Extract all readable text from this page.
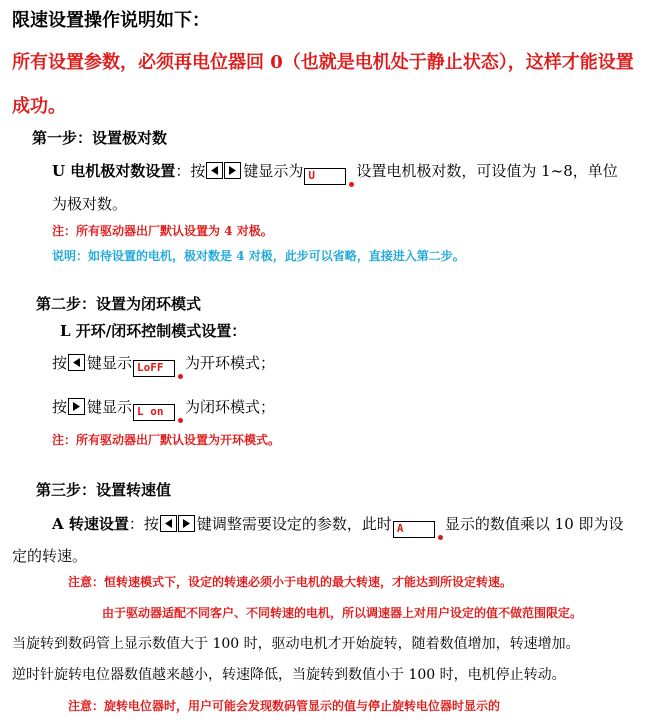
限速设置操作说明如下：
所有设置参数，必须再电位器回 0（也就是电机处于静止状态），这样才能设置
成功。
第一步：设置极对数
U 电机极对数设置：按	键显示为 U	设置电机极对数，可设值为 1~8，单位
为极对数。
注：所有驱动器出厂默认设置为 4 对极。
说明：如待设置的电机，极对数是 4 对极，此步可以省略，直接进入第二步。
第二步：设置为闭环模式
L 开环/闭环控制模式设置：
按 键显示 LoFF 为开环模式；
按 键显示 L on 为闭环模式；
注：所有驱动器出厂默认设置为开环模式。
第三步：设置转速值
A 转速设置：按	键调整需要设定的参数，此时 A	显示的数值乘以 10 即为设
定的转速。
注意：恒转速模式下，设定的转速必须小于电机的最大转速，才能达到所设定转速。
由于驱动器适配不同客户、不同转速的电机，所以调速器上对用户设定的值不做范围限定。
当旋转到数码管上显示数值大于 100 时，驱动电机才开始旋转，随着数值增加，转速增加。
逆时针旋转电位器数值越来越小，转速降低，当旋转到数值小于 100 时，电机停止转动。
注意：旋转电位器时，用户可能会发现数码管显示的值与停止旋转电位器时显示的
